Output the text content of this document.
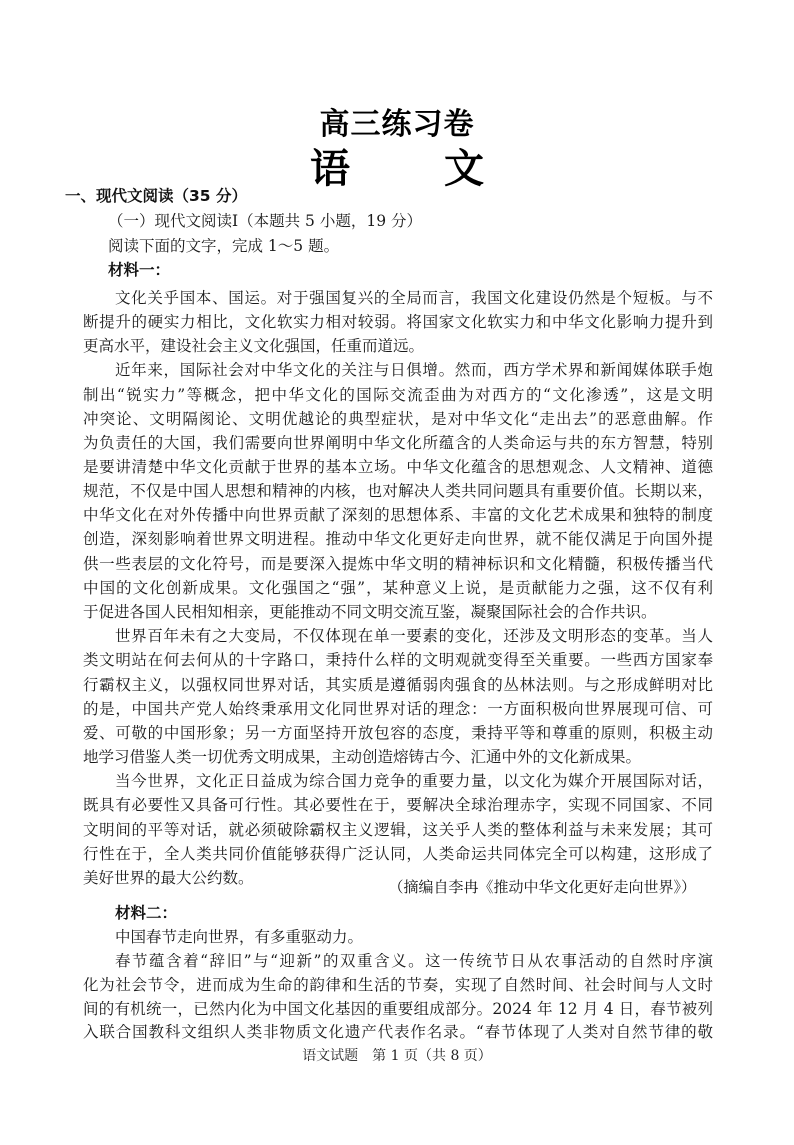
高三练习卷
语 文
一、现代文阅读（35 分）
（一）现代文阅读Ⅰ（本题共 5 小题，19 分）
阅读下面的文字，完成 1～5 题。
材料一：
文化关乎国本、国运。对于强国复兴的全局而言，我国文化建设仍然是个短板。与不
断提升的硬实力相比，文化软实力相对较弱。将国家文化软实力和中华文化影响力提升到
更高水平，建设社会主义文化强国，任重而道远。
近年来，国际社会对中华文化的关注与日俱增。然而，西方学术界和新闻媒体联手炮
制出“锐实力”等概念，把中华文化的国际交流歪曲为对西方的“文化渗透”，这是文明
冲突论、文明隔阂论、文明优越论的典型症状，是对中华文化“走出去”的恶意曲解。作
为负责任的大国，我们需要向世界阐明中华文化所蕴含的人类命运与共的东方智慧，特别
是要讲清楚中华文化贡献于世界的基本立场。中华文化蕴含的思想观念、人文精神、道德
规范，不仅是中国人思想和精神的内核，也对解决人类共同问题具有重要价值。长期以来，
中华文化在对外传播中向世界贡献了深刻的思想体系、丰富的文化艺术成果和独特的制度
创造，深刻影响着世界文明进程。推动中华文化更好走向世界，就不能仅满足于向国外提
供一些表层的文化符号，而是要深入提炼中华文明的精神标识和文化精髓，积极传播当代
中国的文化创新成果。文化强国之“强”，某种意义上说，是贡献能力之强，这不仅有利
于促进各国人民相知相亲，更能推动不同文明交流互鉴，凝聚国际社会的合作共识。
世界百年未有之大变局，不仅体现在单一要素的变化，还涉及文明形态的变革。当人
类文明站在何去何从的十字路口，秉持什么样的文明观就变得至关重要。一些西方国家奉
行霸权主义，以强权同世界对话，其实质是遵循弱肉强食的丛林法则。与之形成鲜明对比
的是，中国共产党人始终秉承用文化同世界对话的理念：一方面积极向世界展现可信、可
爱、可敬的中国形象；另一方面坚持开放包容的态度，秉持平等和尊重的原则，积极主动
地学习借鉴人类一切优秀文明成果，主动创造熔铸古今、汇通中外的文化新成果。
当今世界，文化正日益成为综合国力竞争的重要力量，以文化为媒介开展国际对话，
既具有必要性又具备可行性。其必要性在于，要解决全球治理赤字，实现不同国家、不同
文明间的平等对话，就必须破除霸权主义逻辑，这关乎人类的整体利益与未来发展；其可
行性在于，全人类共同价值能够获得广泛认同，人类命运共同体完全可以构建，这形成了
美好世界的最大公约数。	（摘编自李冉《推动中华文化更好走向世界》）
材料二：
中国春节走向世界，有多重驱动力。
春节蕴含着“辞旧”与“迎新”的双重含义。这一传统节日从农事活动的自然时序演
化为社会节令，进而成为生命的韵律和生活的节奏，实现了自然时间、社会时间与人文时
间的有机统一，已然内化为中国文化基因的重要组成部分。2024 年 12 月 4 日，春节被列
入联合国教科文组织人类非物质文化遗产代表作名录。“春节体现了人类对自然节律的敬
语文试题　第 1 页（共 8 页）
